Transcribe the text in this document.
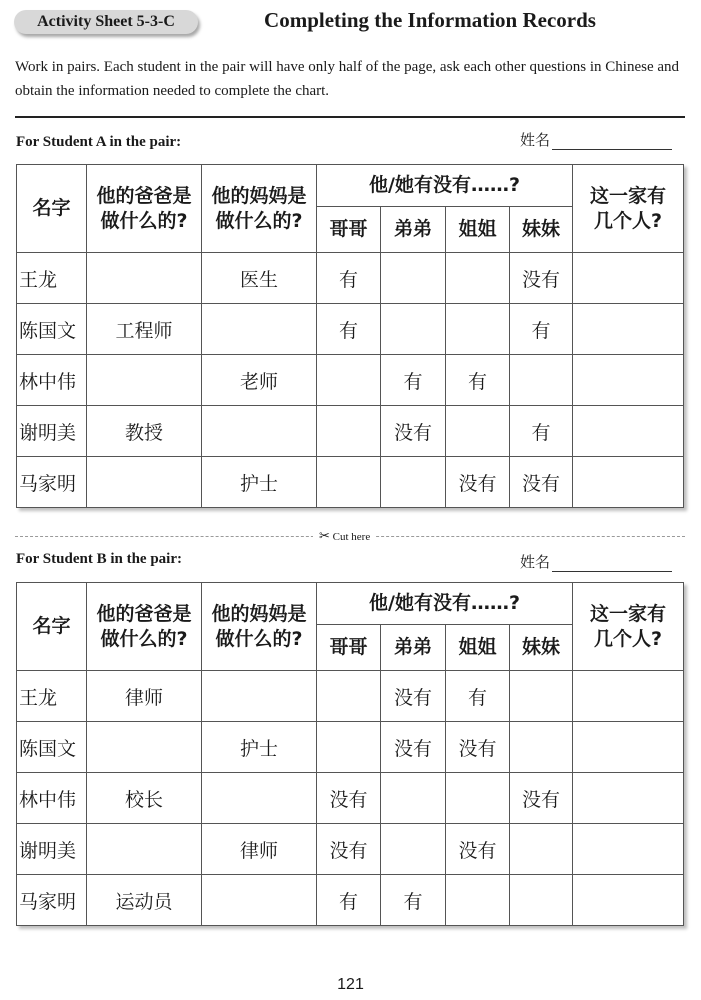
Activity Sheet 5-3-C	Completing the Information Records
Work in pairs. Each student in the pair will have only half of the page, ask each other questions in Chinese and obtain the information needed to complete the chart.
For Student A in the pair:	姓名
名字	他的爸爸是做什么的?	他的妈妈是做什么的?	他/她有没有……?				这一家有几个人?
			哥哥	弟弟	姐姐	妹妹	
王龙		医生	有			没有	
陈国文	工程师		有			有	
林中伟		老师		有	有		
谢明美	教授			没有		有	
马家明		护士			没有	没有	
✂ Cut here
For Student B in the pair:	姓名
名字	他的爸爸是做什么的?	他的妈妈是做什么的?	他/她有没有……?				这一家有几个人?
			哥哥	弟弟	姐姐	妹妹	
王龙	律师			没有	有		
陈国文		护士		没有	没有		
林中伟	校长		没有			没有	
谢明美		律师	没有		没有		
马家明	运动员		有	有			
121
